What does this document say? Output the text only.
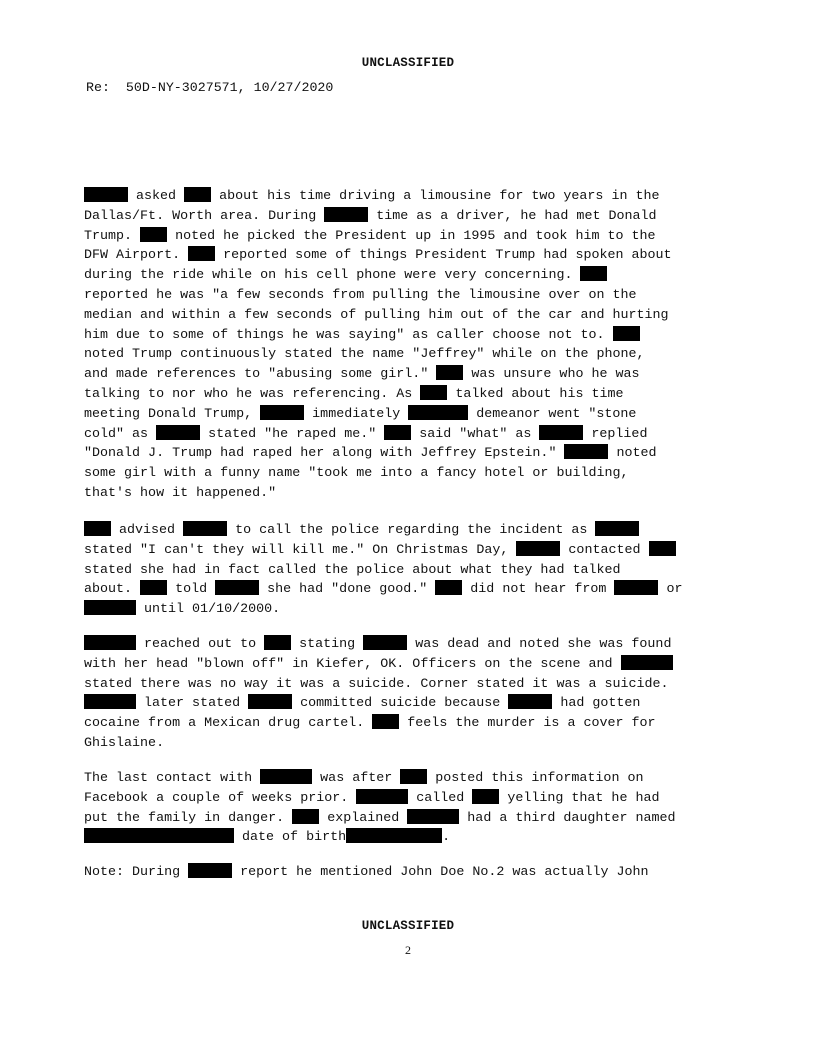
UNCLASSIFIED
Re: 50D-NY-3027571, 10/27/2020
asked  about his time driving a limousine for two years in the
Dallas/Ft. Worth area. During	time as a driver, he had met Donald
Trump.  noted he picked the President up in 1995 and took him to the
DFW Airport.  reported some of things President Trump had spoken about
during the ride while on his cell phone were very concerning.
reported he was "a few seconds from pulling the limousine over on the
median and within a few seconds of pulling him out of the car and hurting
him due to some of things he was saying" as caller choose not to.
noted Trump continuously stated the name "Jeffrey" while on the phone,
and made references to "abusing some girl."  was unsure who he was
talking to nor who he was referencing. As  talked about his time
meeting Donald Trump,	immediately	demeanor went "stone
cold" as	stated "he raped me."  said "what" as	replied
"Donald J. Trump had raped her along with Jeffrey Epstein."	noted
some girl with a funny name "took me into a fancy hotel or building,
that's how it happened."
advised	to call the police regarding the incident as
stated "I can't they will kill me." On Christmas Day,	contacted
stated she had in fact called the police about what they had talked
about.  told	she had "done good."  did not hear from	or
until 01/10/2000.
reached out to  stating	was dead and noted she was found
with her head "blown off" in Kiefer, OK. Officers on the scene and
stated there was no way it was a suicide. Corner stated it was a suicide.
later stated	committed suicide because	had gotten
cocaine from a Mexican drug cartel.  feels the murder is a cover for
Ghislaine.
The last contact with	was after  posted this information on
Facebook a couple of weeks prior.	called  yelling that he had
put the family in danger.  explained	had a third daughter named
date of birth	.
Note: During	report he mentioned John Doe No.2 was actually John
UNCLASSIFIED
2
